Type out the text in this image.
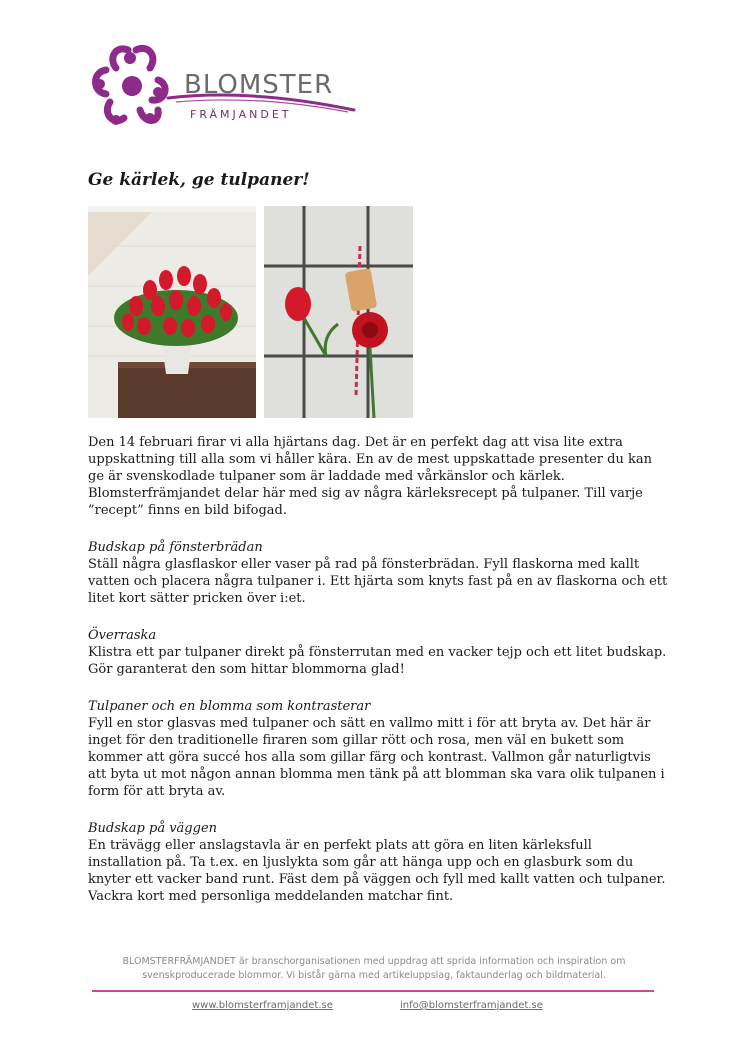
BLOMSTER
FRÄMJANDET
Ge kärlek, ge tulpaner!

Den 14 februari firar vi alla hjärtans dag. Det är en perfekt dag att visa lite extra uppskattning till alla som vi håller kära. En av de mest uppskattade presenter du kan ge är svenskodlade tulpaner som är laddade med vårkänslor och kärlek. Blomsterfrämjandet delar här med sig av några kärleksrecept på tulpaner. Till varje ”recept” finns en bild bifogad.

Budskap på fönsterbrädan

Ställ några glasflaskor eller vaser på rad på fönsterbrädan. Fyll flaskorna med kallt vatten och placera några tulpaner i. Ett hjärta som knyts fast på en av flaskorna och ett litet kort sätter pricken över i:et.

Överraska

Klistra ett par tulpaner direkt på fönsterrutan med en vacker tejp och ett litet budskap. Gör garanterat den som hittar blommorna glad!

Tulpaner och en blomma som kontrasterar

Fyll en stor glasvas med tulpaner och sätt en vallmo mitt i för att bryta av. Det här är inget för den traditionelle firaren som gillar rött och rosa, men väl en bukett som kommer att göra succé hos alla som gillar färg och kontrast. Vallmon går naturligtvis att byta ut mot någon annan blomma men tänk på att blomman ska vara olik tulpanen i form för att bryta av.

Budskap på väggen

En trävägg eller anslagstavla är en perfekt plats att göra en liten kärleksfull installation på. Ta t.ex. en ljuslykta som går att hänga upp och en glasburk som du knyter ett vacker band runt. Fäst dem på väggen och fyll med kallt vatten och tulpaner. Vackra kort med personliga meddelanden matchar fint.

BLOMSTERFRÄMJANDET är branschorganisationen med uppdrag att sprida information och inspiration om svenskproducerade blommor. Vi bistår gärna med artikeluppslag, faktaunderlag och bildmaterial.
www.blomsterframjandet.se	info@blomsterframjandet.se
